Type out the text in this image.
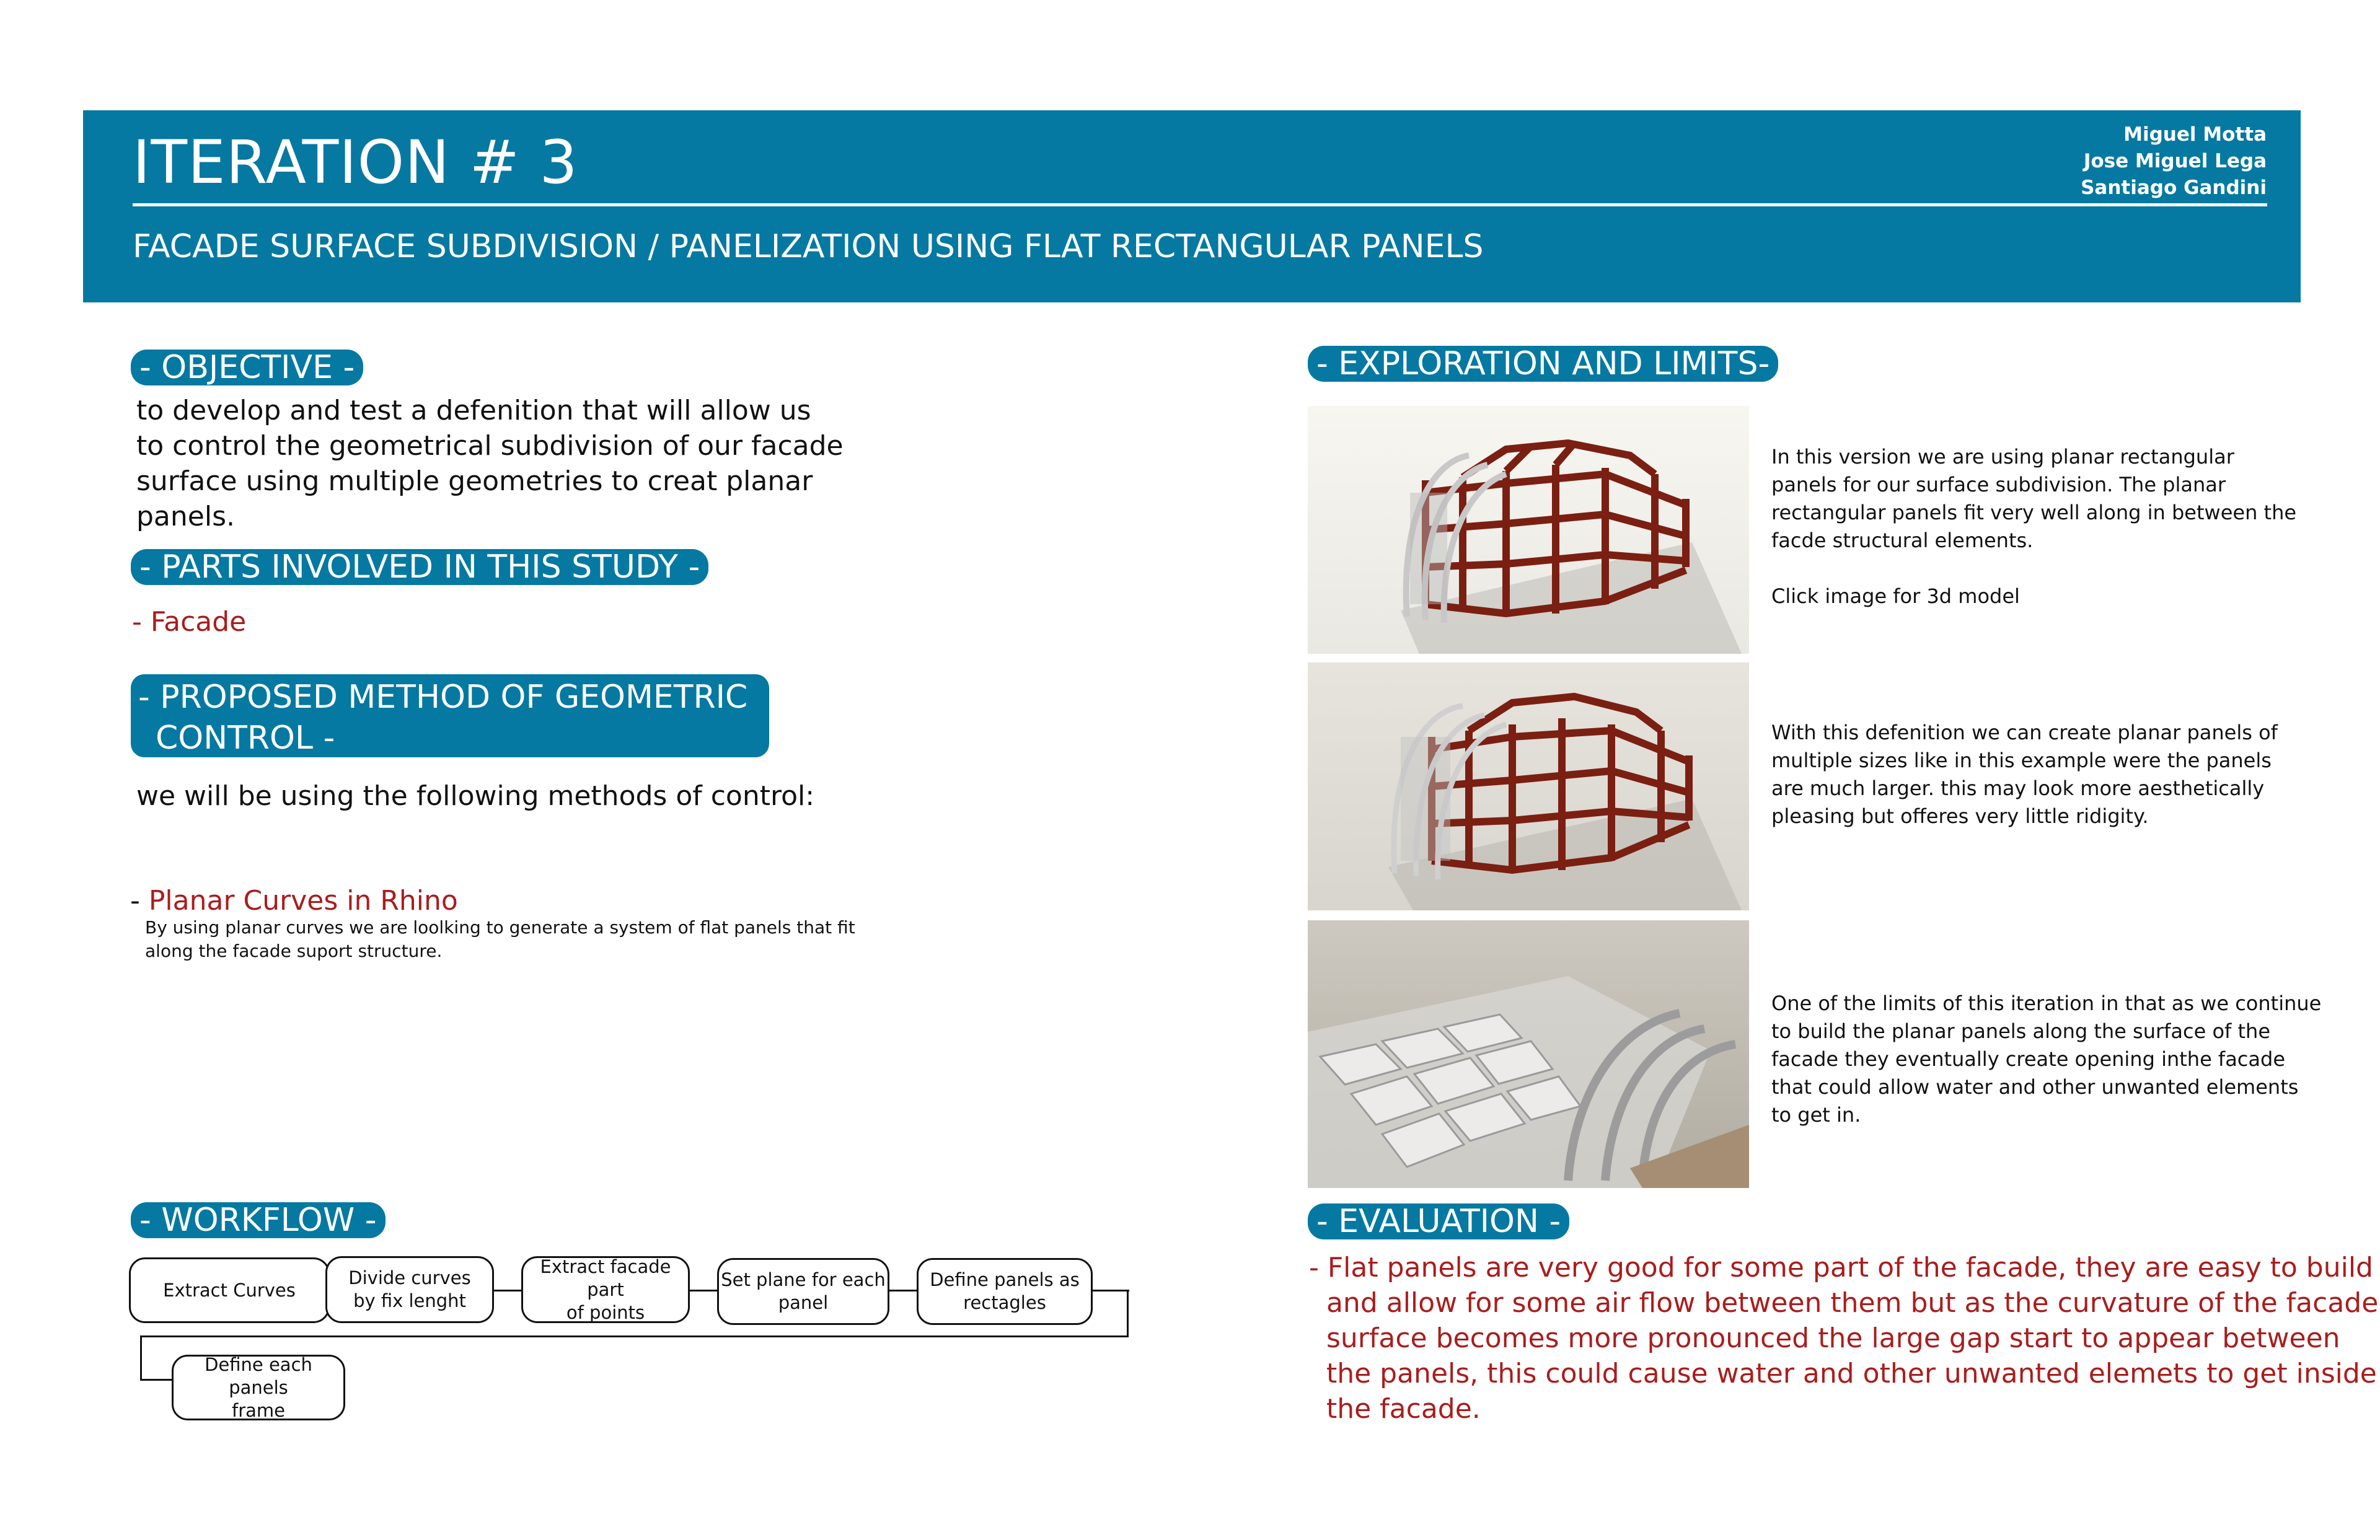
ITERATION # 3	Miguel Motta
Jose Miguel Lega
Santiago Gandini
FACADE SURFACE SUBDIVISION / PANELIZATION USING FLAT RECTANGULAR PANELS
- OBJECTIVE -
to develop and test a defenition that will allow us
to control the geometrical subdivision of our facade
surface using multiple geometries to creat planar
panels.
- PARTS INVOLVED IN THIS STUDY -
- Facade
- PROPOSED METHOD OF GEOMETRIC
CONTROL -
we will be using the following methods of control:
- Planar Curves in Rhino
By using planar curves we are loolking to generate a system of flat panels that fit
along the facade suport structure.
- WORKFLOW -
Extract Curves
Divide curves
by fix lenght
Extract facade part
of points
Set plane for each
panel
Define panels as
rectagles
Define each panels
frame
- EXPLORATION AND LIMITS-
In this version we are using planar rectangular
panels for our surface subdivision. The planar
rectangular panels fit very well along in between the
facde structural elements.
Click image for 3d model
With this defenition we can create planar panels of
multiple sizes like in this example were the panels
are much larger. this may look more aesthetically
pleasing but offeres very little ridigity.
One of the limits of this iteration in that as we continue
to build the planar panels along the surface of the
facade they eventually create opening inthe facade
that could allow water and other unwanted elements
to get in.
- EVALUATION -
- Flat panels are very good for some part of the facade, they are easy to build
and allow for some air flow between them but as the curvature of the facade
surface becomes more pronounced the large gap start to appear between
the panels, this could cause water and other unwanted elemets to get inside
the facade.
